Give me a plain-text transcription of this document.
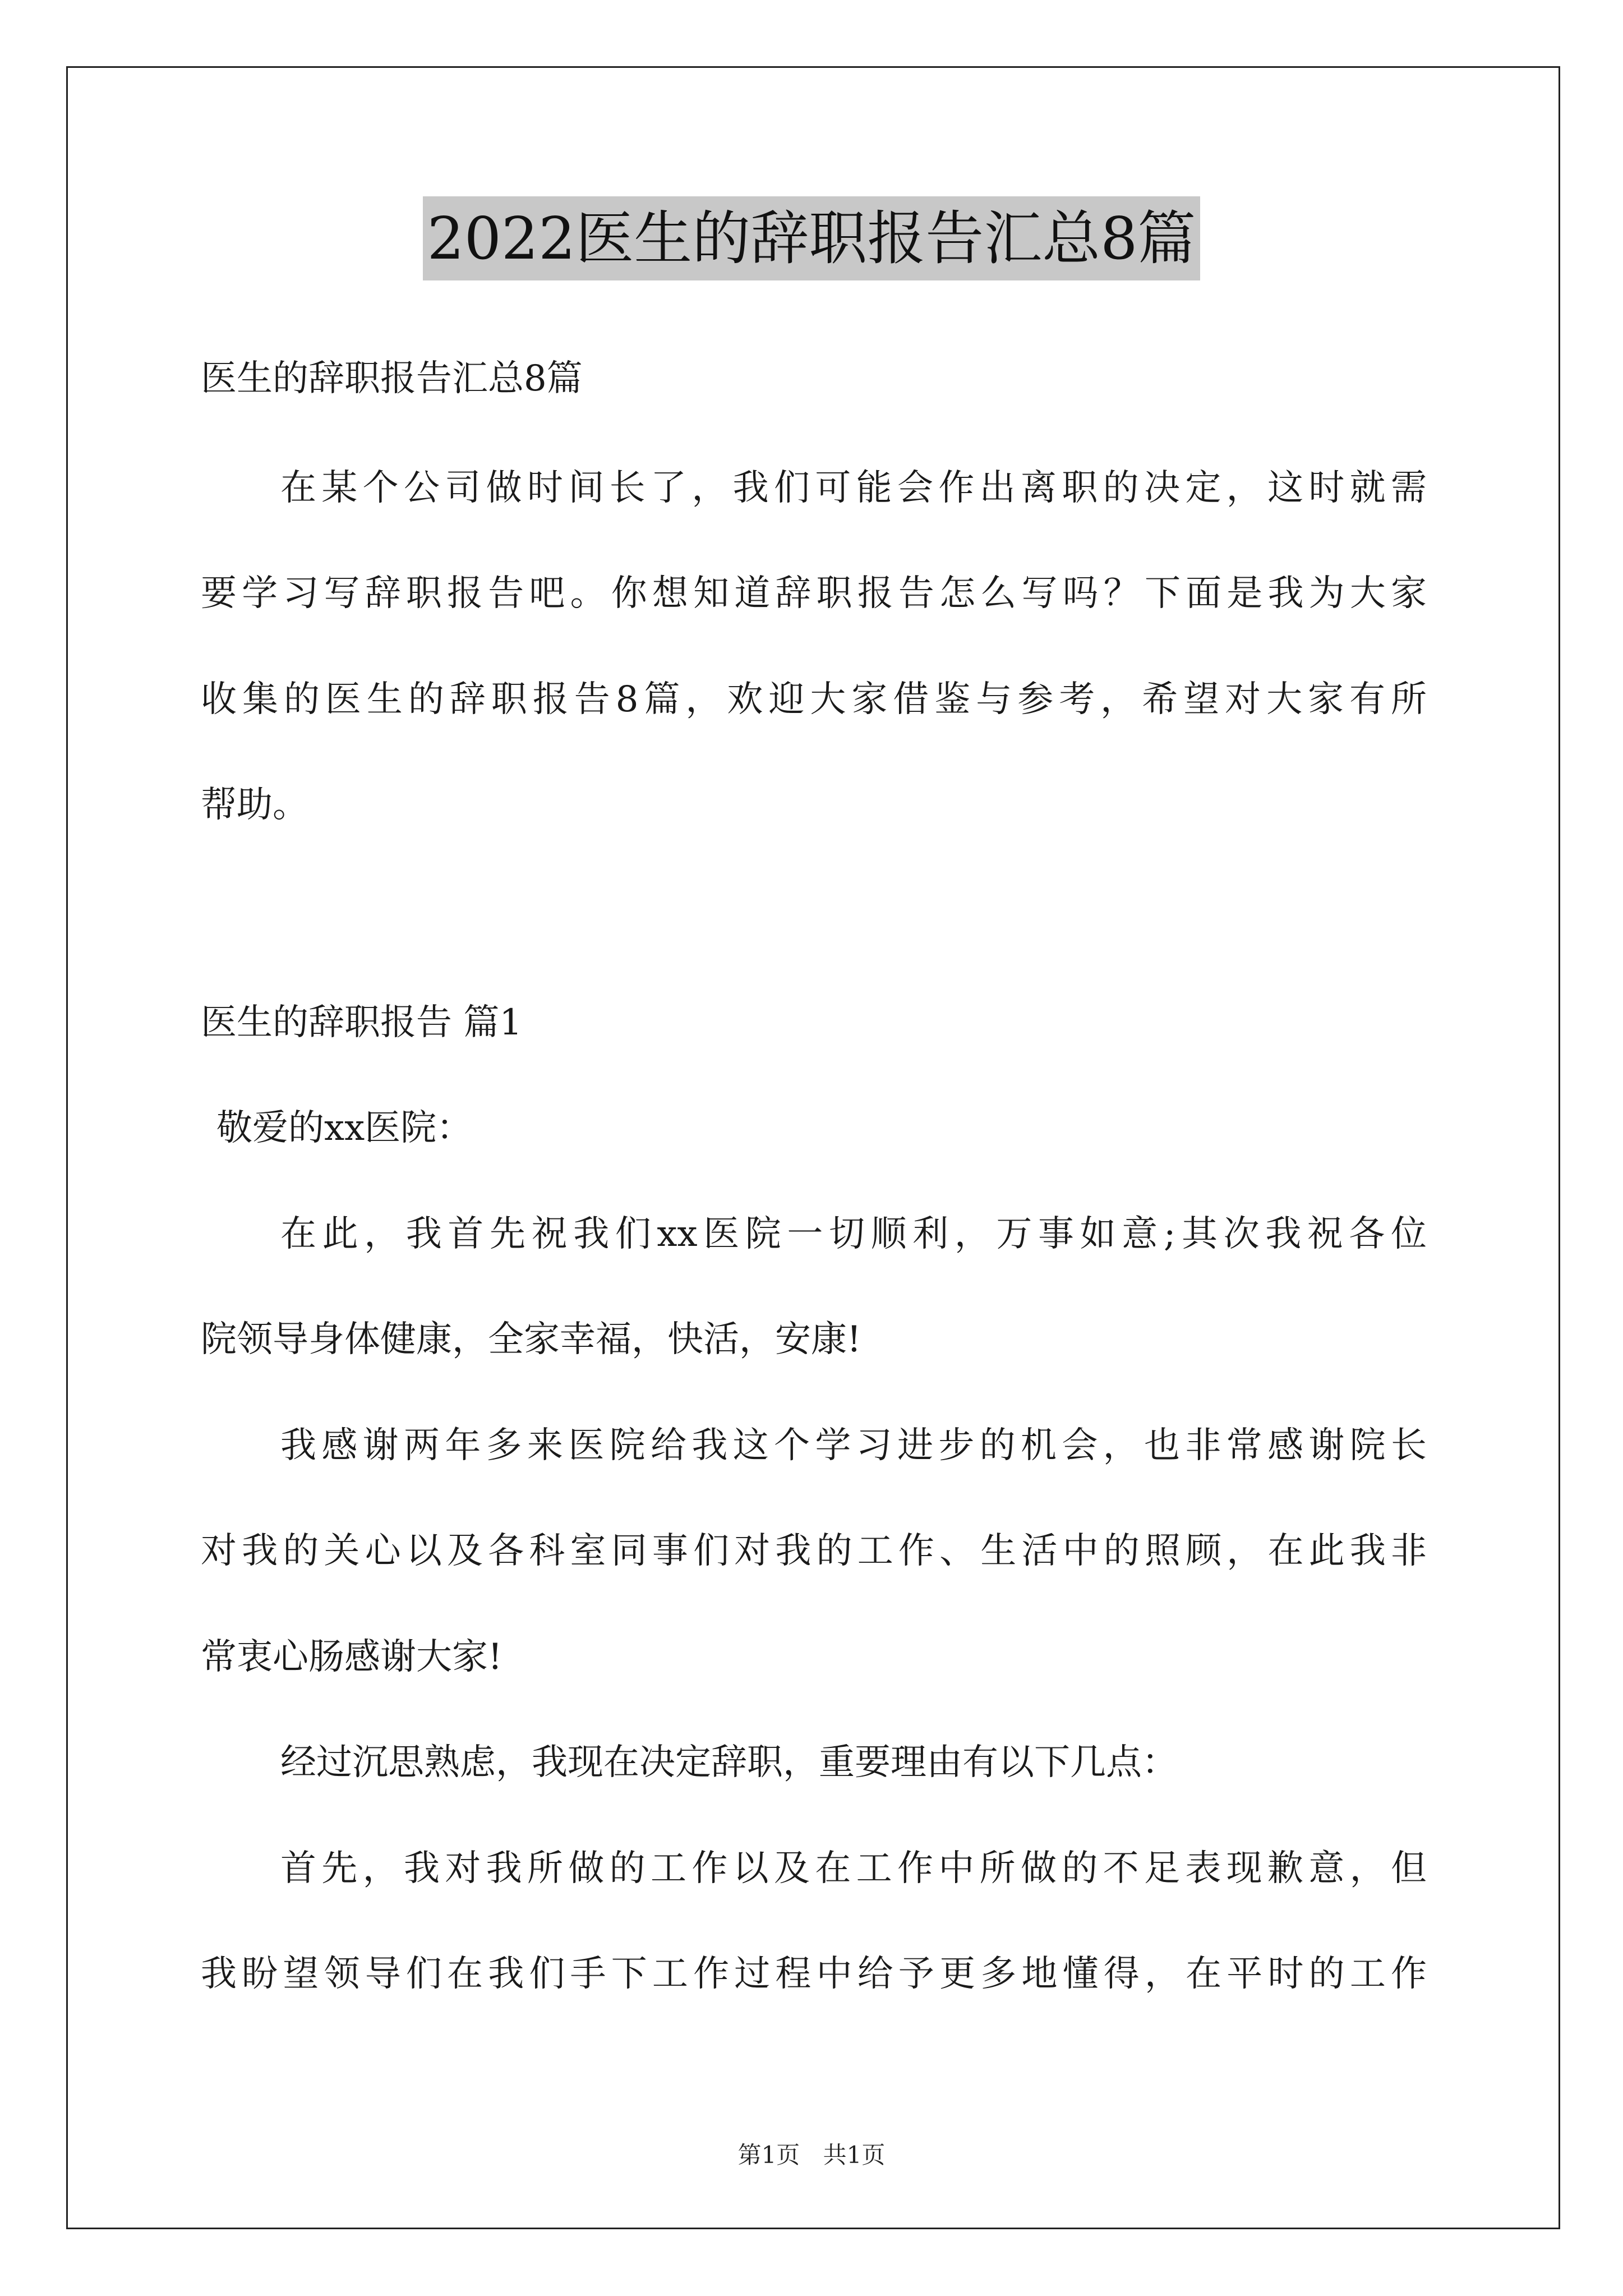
2022医生的辞职报告汇总8篇
医生的辞职报告汇总8篇
在某个公司做时间长了，我们可能会作出离职的决定，这时就需
要学习写辞职报告吧。你想知道辞职报告怎么写吗？下面是我为大家
收集的医生的辞职报告8篇，欢迎大家借鉴与参考，希望对大家有所
帮助。
医生的辞职报告 篇1
敬爱的xx医院：
在此，我首先祝我们xx医院一切顺利，万事如意;其次我祝各位
院领导身体健康，全家幸福，快活，安康!
我感谢两年多来医院给我这个学习进步的机会，也非常感谢院长
对我的关心以及各科室同事们对我的工作、生活中的照顾，在此我非
常衷心肠感谢大家!
经过沉思熟虑，我现在决定辞职，重要理由有以下几点：
首先，我对我所做的工作以及在工作中所做的不足表现歉意，但
我盼望领导们在我们手下工作过程中给予更多地懂得，在平时的工作
第1页 共1页
